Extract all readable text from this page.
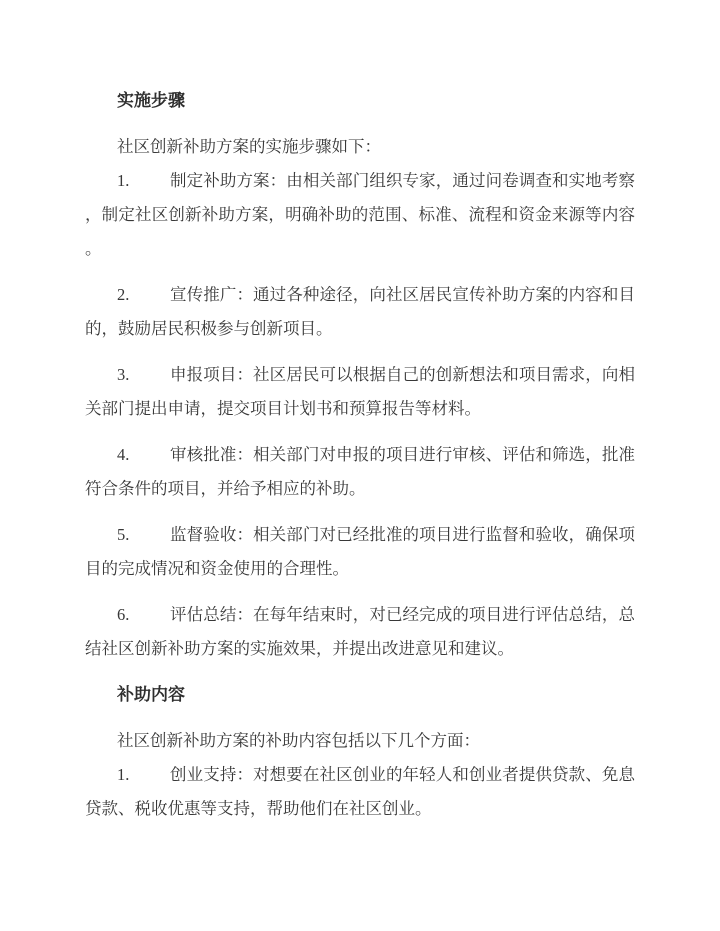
实施步骤

社区创新补助方案的实施步骤如下：

1.	制定补助方案：由相关部门组织专家，通过问卷调查和实地考察

，制定社区创新补助方案，明确补助的范围、标准、流程和资金来源等内容

。

2.	宣传推广：通过各种途径，向社区居民宣传补助方案的内容和目

的，鼓励居民积极参与创新项目。

3.	申报项目：社区居民可以根据自己的创新想法和项目需求，向相

关部门提出申请，提交项目计划书和预算报告等材料。

4.	审核批准：相关部门对申报的项目进行审核、评估和筛选，批准

符合条件的项目，并给予相应的补助。

5.	监督验收：相关部门对已经批准的项目进行监督和验收，确保项

目的完成情况和资金使用的合理性。

6.	评估总结：在每年结束时，对已经完成的项目进行评估总结，总

结社区创新补助方案的实施效果，并提出改进意见和建议。

补助内容

社区创新补助方案的补助内容包括以下几个方面：

1.	创业支持：对想要在社区创业的年轻人和创业者提供贷款、免息

贷款、税收优惠等支持，帮助他们在社区创业。
